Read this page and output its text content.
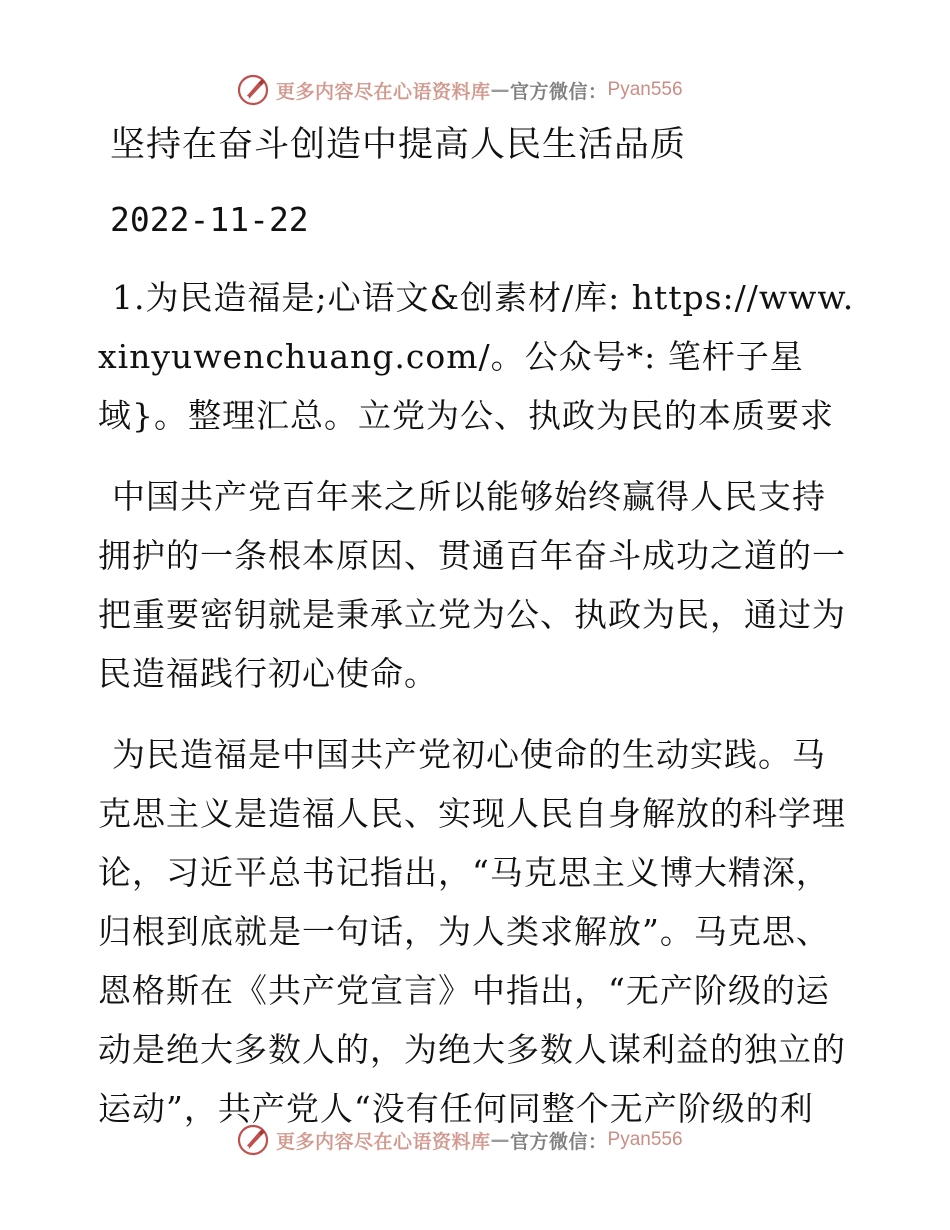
更多内容尽在心语资料库 — 官方微信： Pyan556
坚持在奋斗创造中提高人民生活品质
2022-11-22

1.为民造福是;心语文&创素材/库: https://www.xinyuwenchuang.com/。公众号*: 笔杆子星域}。整理汇总。立党为公、执政为民的本质要求

中国共产党百年来之所以能够始终赢得人民支持拥护的一条根本原因、贯通百年奋斗成功之道的一把重要密钥就是秉承立党为公、执政为民，通过为民造福践行初心使命。

为民造福是中国共产党初心使命的生动实践。马克思主义是造福人民、实现人民自身解放的科学理论，习近平总书记指出，“马克思主义博大精深，归根到底就是一句话，为人类求解放”。马克思、恩格斯在《共产党宣言》中指出，“无产阶级的运动是绝大多数人的，为绝大多数人谋利益的独立的运动”，共产党人“没有任何同整个无产阶级的利

更多内容尽在心语资料库 — 官方微信： Pyan556
